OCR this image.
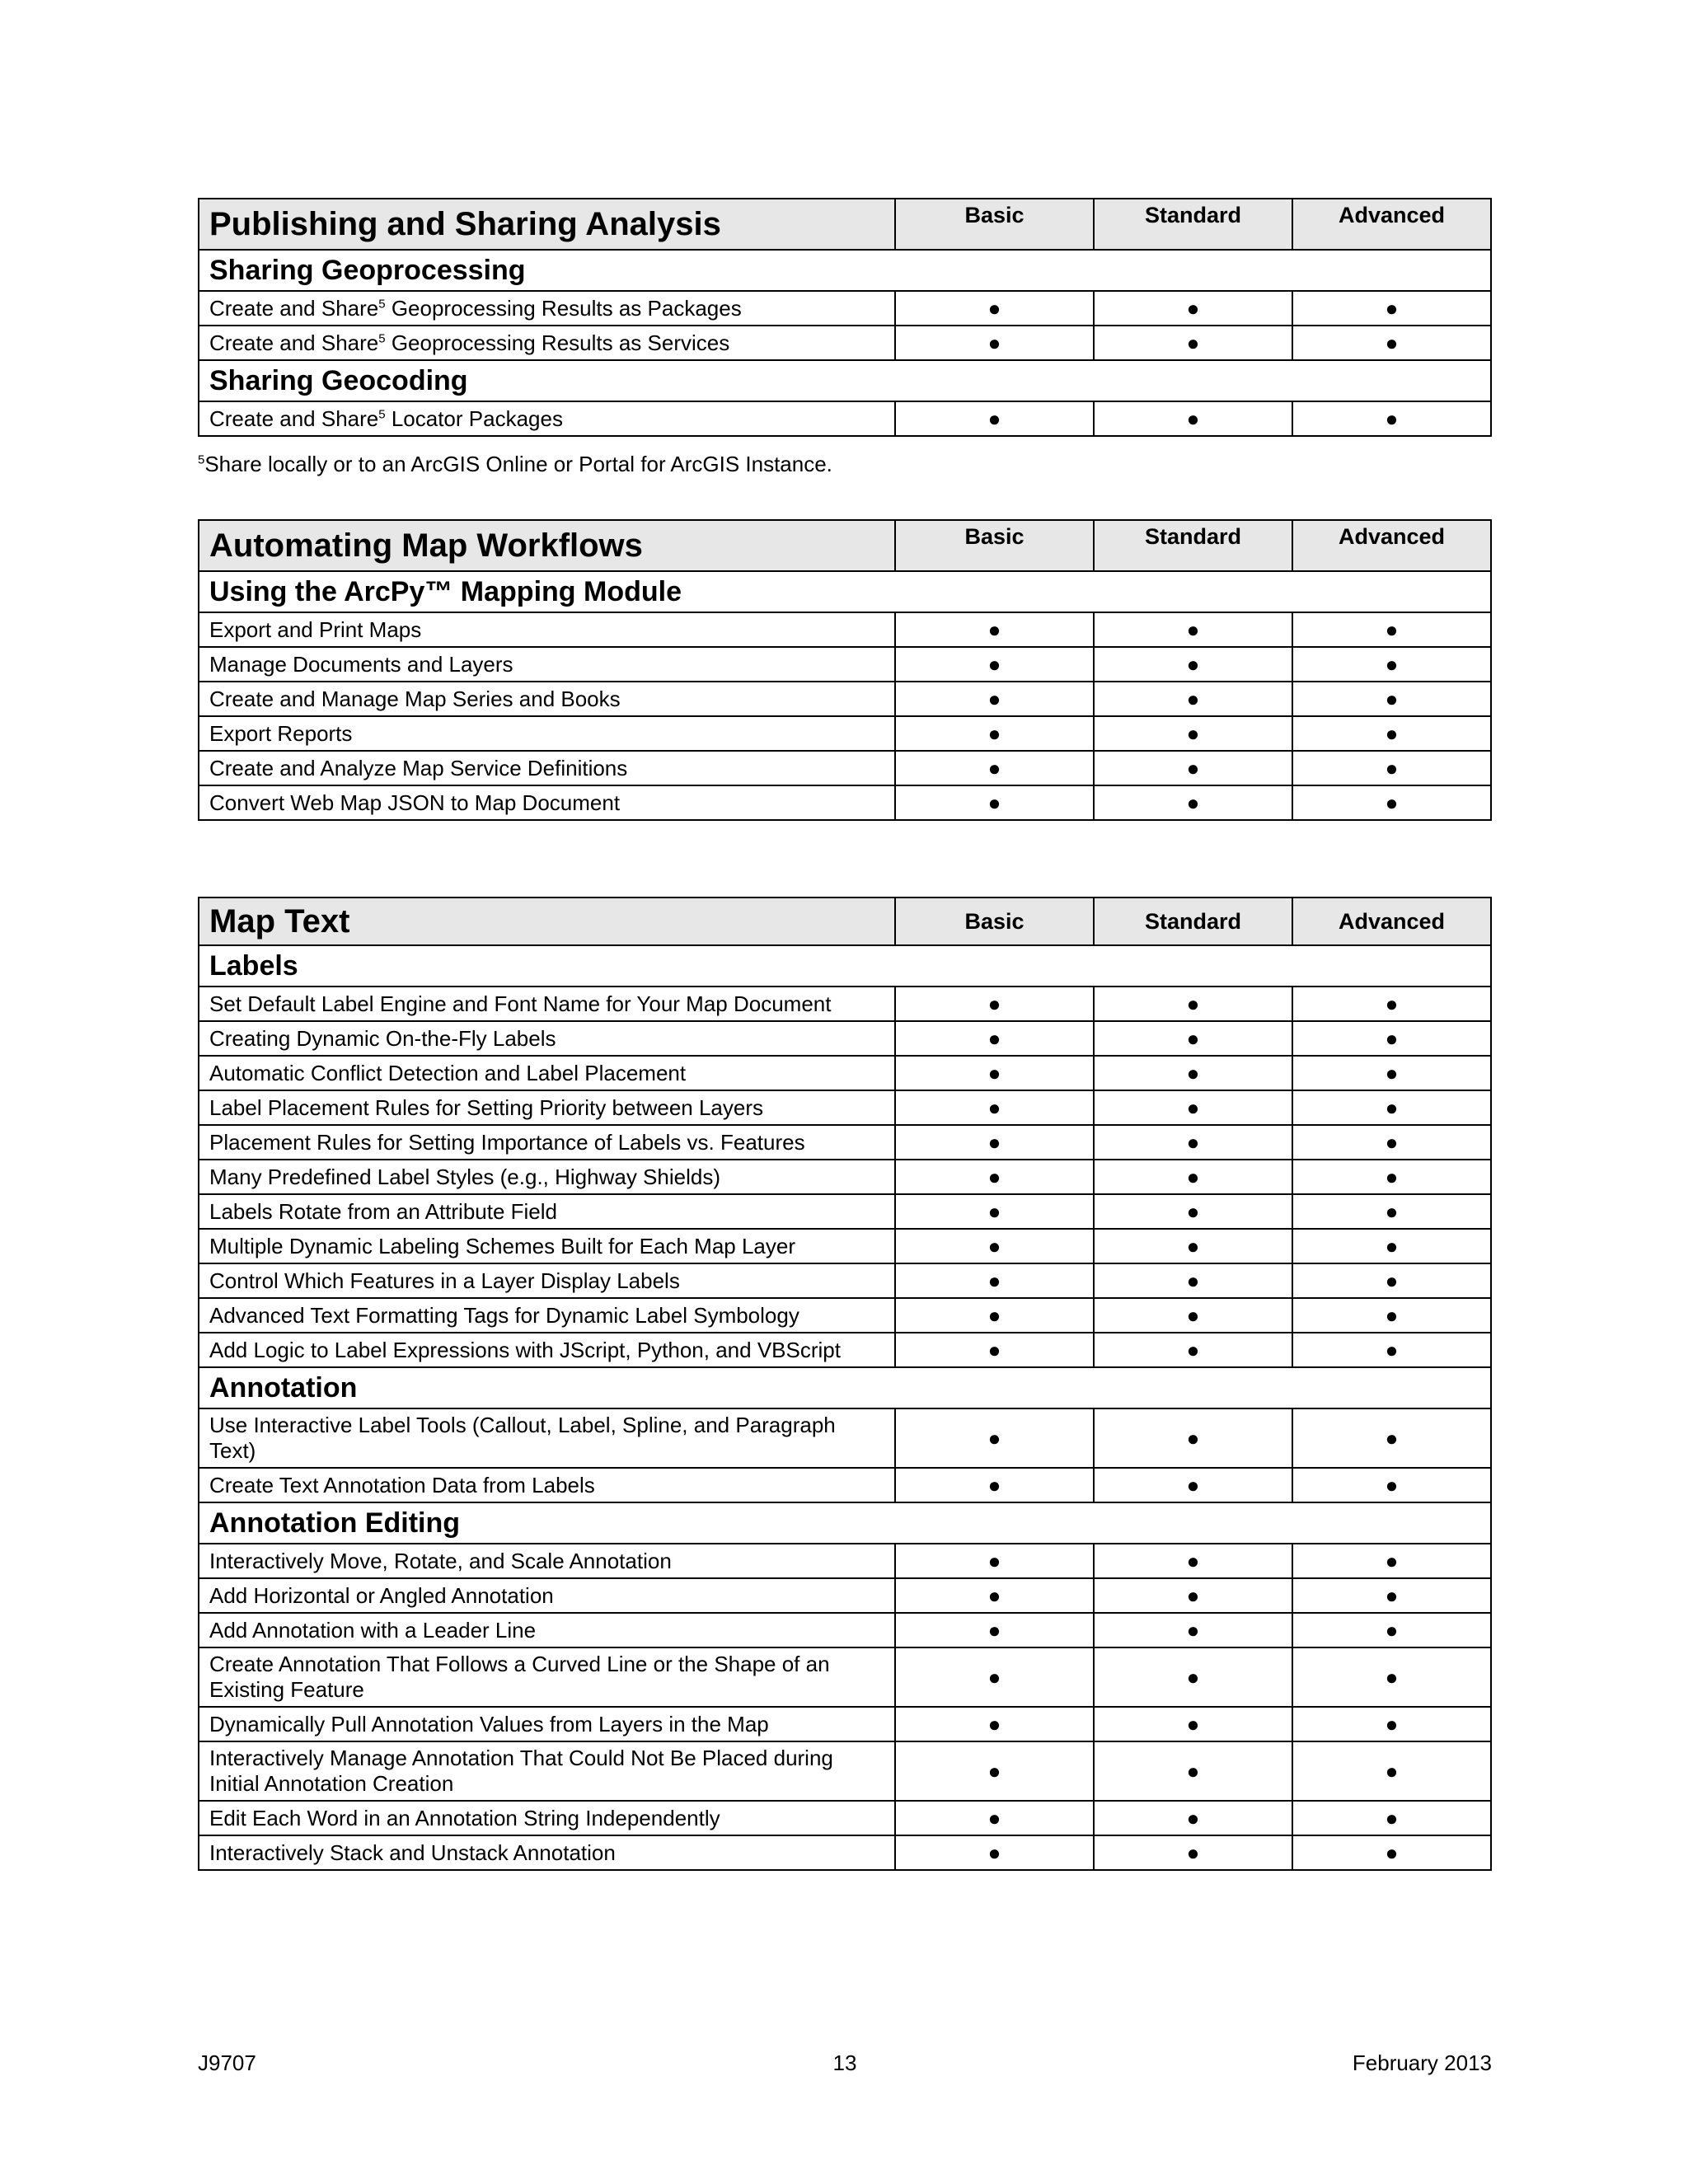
Publishing and Sharing Analysis	Basic	Standard	Advanced
Sharing Geoprocessing			
Create and Share$^5$ Geoprocessing Results as Packages	●	●	●
Create and Share$^5$ Geoprocessing Results as Services	●	●	●
Sharing Geocoding			
Create and Share$^5$ Locator Packages	●	●	●
$^5$Share locally or to an ArcGIS Online or Portal for ArcGIS Instance.
Automating Map Workflows	Basic	Standard	Advanced
Using the ArcPy™ Mapping Module			
Export and Print Maps	●	●	●
Manage Documents and Layers	●	●	●
Create and Manage Map Series and Books	●	●	●
Export Reports	●	●	●
Create and Analyze Map Service Definitions	●	●	●
Convert Web Map JSON to Map Document	●	●	●
Map Text	Basic	Standard	Advanced
Labels			
Set Default Label Engine and Font Name for Your Map Document	●	●	●
Creating Dynamic On-the-Fly Labels	●	●	●
Automatic Conflict Detection and Label Placement	●	●	●
Label Placement Rules for Setting Priority between Layers	●	●	●
Placement Rules for Setting Importance of Labels vs. Features	●	●	●
Many Predefined Label Styles (e.g., Highway Shields)	●	●	●
Labels Rotate from an Attribute Field	●	●	●
Multiple Dynamic Labeling Schemes Built for Each Map Layer	●	●	●
Control Which Features in a Layer Display Labels	●	●	●
Advanced Text Formatting Tags for Dynamic Label Symbology	●	●	●
Add Logic to Label Expressions with JScript, Python, and VBScript	●	●	●
Annotation			
Use Interactive Label Tools (Callout, Label, Spline, and Paragraph Text)	●	●	●
Create Text Annotation Data from Labels	●	●	●
Annotation Editing			
Interactively Move, Rotate, and Scale Annotation	●	●	●
Add Horizontal or Angled Annotation	●	●	●
Add Annotation with a Leader Line	●	●	●
Create Annotation That Follows a Curved Line or the Shape of an Existing Feature	●	●	●
Dynamically Pull Annotation Values from Layers in the Map	●	●	●
Interactively Manage Annotation That Could Not Be Placed during Initial Annotation Creation	●	●	●
Edit Each Word in an Annotation String Independently	●	●	●
Interactively Stack and Unstack Annotation	●	●	●
J9707	13	February 2013
